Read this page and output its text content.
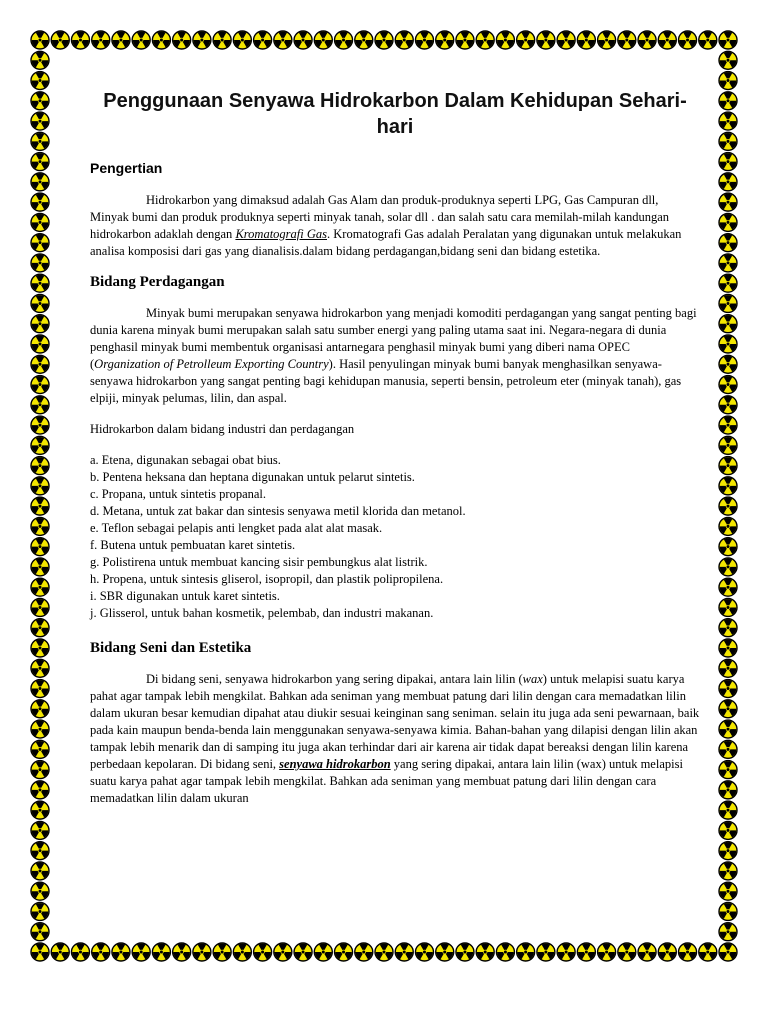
Penggunaan Senyawa Hidrokarbon Dalam Kehidupan Sehari-hari
Pengertian

Hidrokarbon yang dimaksud adalah Gas Alam dan produk-produknya seperti LPG, Gas Campuran dll, Minyak bumi dan produk produknya seperti minyak tanah, solar dll . dan salah satu cara memilah-milah kandungan hidrokarbon adaklah dengan Kromatografi Gas. Kromatografi Gas adalah Peralatan yang digunakan untuk melakukan analisa komposisi dari gas yang dianalisis.dalam bidang perdagangan,bidang seni dan bidang estetika.

Bidang Perdagangan

Minyak bumi merupakan senyawa hidrokarbon yang menjadi komoditi perdagangan yang sangat penting bagi dunia karena minyak bumi merupakan salah satu sumber energi yang paling utama saat ini. Negara-negara di dunia penghasil minyak bumi membentuk organisasi antarnegara penghasil minyak bumi yang diberi nama OPEC (Organization of Petrolleum Exporting Country). Hasil penyulingan minyak bumi banyak menghasilkan senyawa-senyawa hidrokarbon yang sangat penting bagi kehidupan manusia, seperti bensin, petroleum eter (minyak tanah), gas elpiji, minyak pelumas, lilin, dan aspal.

Hidrokarbon dalam bidang industri dan perdagangan

a. Etena, digunakan sebagai obat bius.
b. Pentena heksana dan heptana digunakan untuk pelarut sintetis.
c. Propana, untuk sintetis propanal.
d. Metana, untuk zat bakar dan sintesis senyawa metil klorida dan metanol.
e. Teflon sebagai pelapis anti lengket pada alat alat masak.
f. Butena untuk pembuatan karet sintetis.
g. Polistirena untuk membuat kancing sisir pembungkus alat listrik.
h. Propena, untuk sintesis gliserol, isopropil, dan plastik polipropilena.
i. SBR digunakan untuk karet sintetis.
j. Glisserol, untuk bahan kosmetik, pelembab, dan industri makanan.
Bidang Seni dan Estetika

Di bidang seni, senyawa hidrokarbon yang sering dipakai, antara lain lilin (wax) untuk melapisi suatu karya pahat agar tampak lebih mengkilat. Bahkan ada seniman yang membuat patung dari lilin dengan cara memadatkan lilin dalam ukuran besar kemudian dipahat atau diukir sesuai keinginan sang seniman. selain itu juga ada seni pewarnaan, baik pada kain maupun benda-benda lain menggunakan senyawa-senyawa kimia. Bahan-bahan yang dilapisi dengan lilin akan tampak lebih menarik dan di samping itu juga akan terhindar dari air karena air tidak dapat bereaksi dengan lilin karena perbedaan kepolaran. Di bidang seni, senyawa hidrokarbon yang sering dipakai, antara lain lilin (wax) untuk melapisi suatu karya pahat agar tampak lebih mengkilat. Bahkan ada seniman yang membuat patung dari lilin dengan cara memadatkan lilin dalam ukuran
